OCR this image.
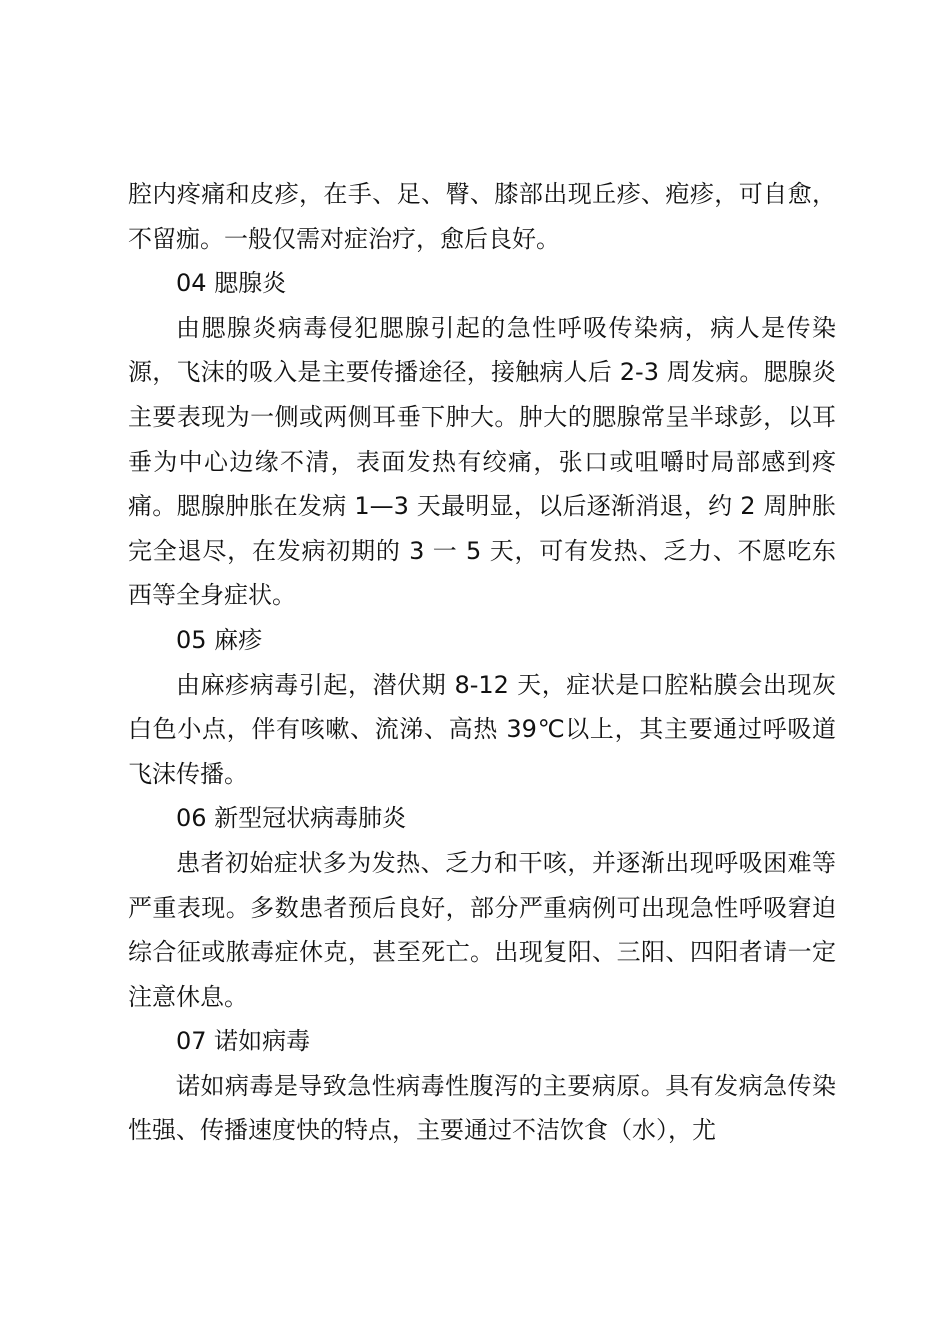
腔内疼痛和皮疹，在手、足、臀、膝部出现丘疹、疱疹，可自愈，不留痂。一般仅需对症治疗，愈后良好。

04 腮腺炎

由腮腺炎病毒侵犯腮腺引起的急性呼吸传染病，病人是传染源，飞沫的吸入是主要传播途径，接触病人后 2-3 周发病。腮腺炎主要表现为一侧或两侧耳垂下肿大。肿大的腮腺常呈半球彭，以耳垂为中心边缘不清，表面发热有绞痛，张口或咀嚼时局部感到疼痛。腮腺肿胀在发病 1—3 天最明显，以后逐渐消退，约 2 周肿胀完全退尽，在发病初期的 3 一 5 天，可有发热、乏力、不愿吃东西等全身症状。

05 麻疹

由麻疹病毒引起，潜伏期 8-12 天，症状是口腔粘膜会出现灰白色小点，伴有咳嗽、流涕、高热 39℃以上，其主要通过呼吸道飞沫传播。

06 新型冠状病毒肺炎

患者初始症状多为发热、乏力和干咳，并逐渐出现呼吸困难等严重表现。多数患者预后良好，部分严重病例可出现急性呼吸窘迫综合征或脓毒症休克，甚至死亡。出现复阳、三阳、四阳者请一定注意休息。

07 诺如病毒

诺如病毒是导致急性病毒性腹泻的主要病原。具有发病急传染性强、传播速度快的特点，主要通过不洁饮食（水），尤
